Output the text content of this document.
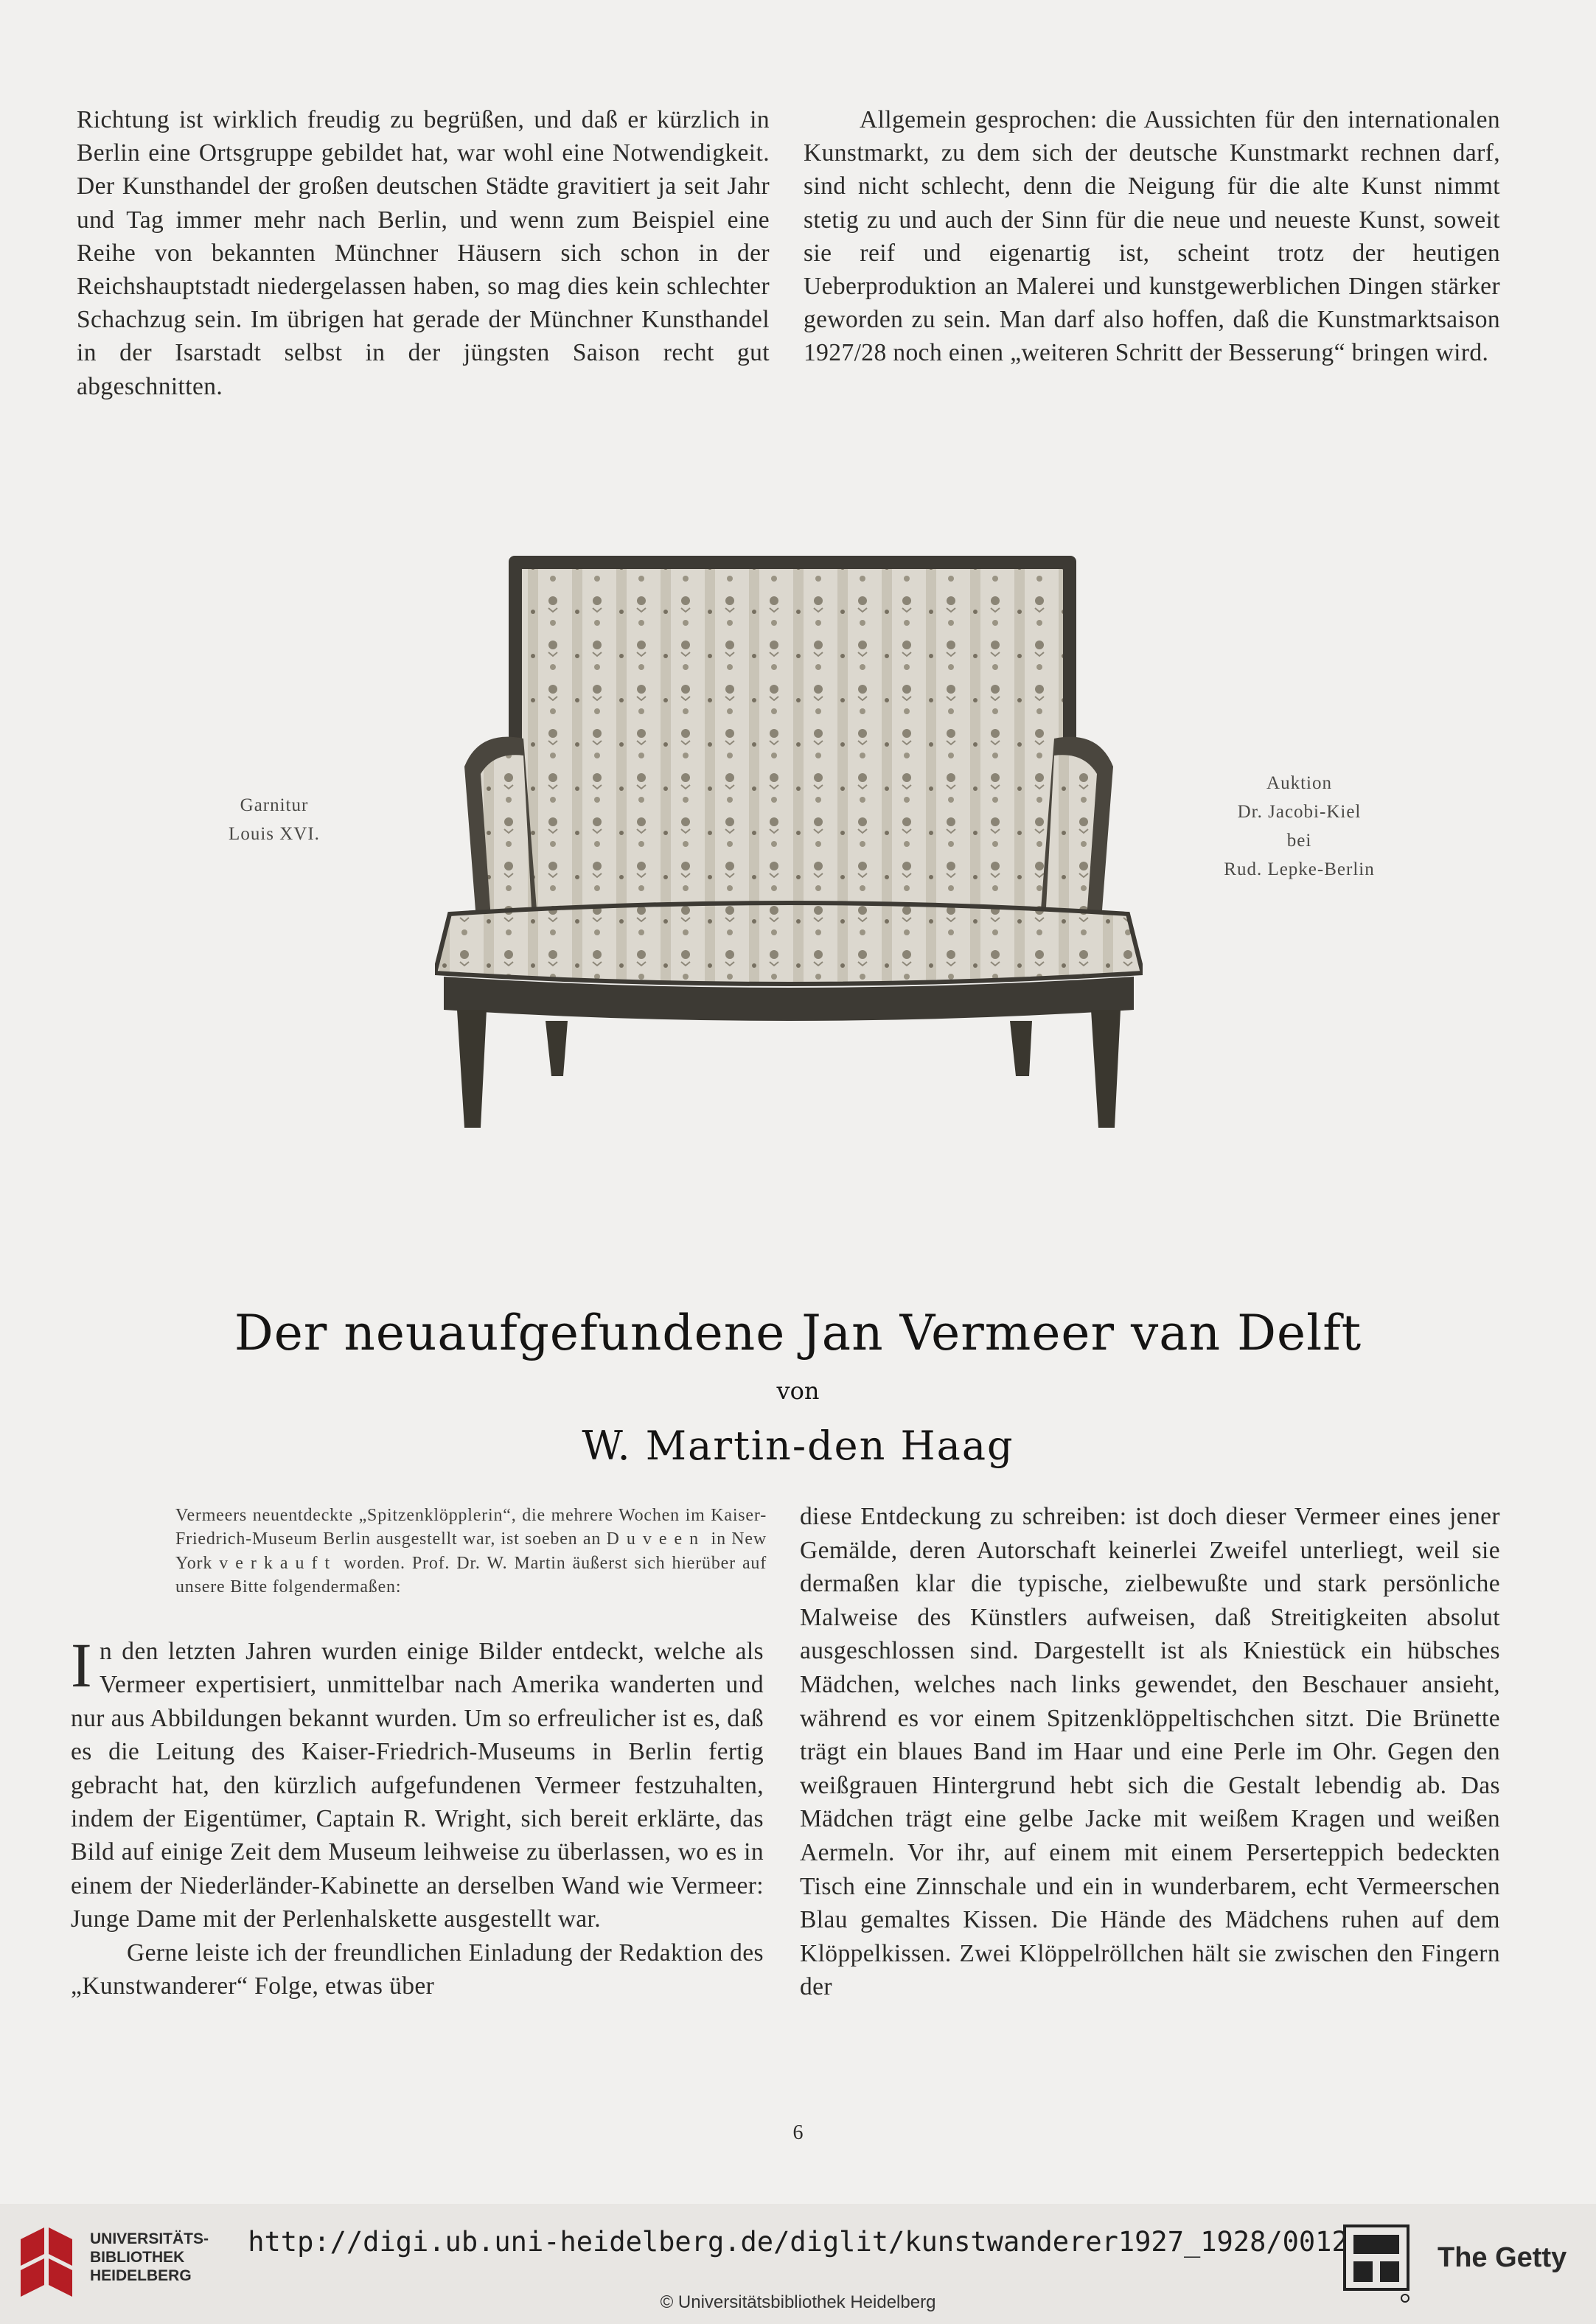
Richtung ist wirklich freudig zu begrüßen, und daß er kürzlich in Berlin eine Ortsgruppe gebildet hat, war wohl eine Notwendigkeit. Der Kunsthandel der großen deutschen Städte gravitiert ja seit Jahr und Tag immer mehr nach Berlin, und wenn zum Beispiel eine Reihe von bekannten Münchner Häusern sich schon in der Reichshauptstadt niedergelassen haben, so mag dies kein schlechter Schachzug sein. Im übrigen hat gerade der Münchner Kunsthandel in der Isarstadt selbst in der jüngsten Saison recht gut abgeschnitten.

Allgemein gesprochen: die Aussichten für den internationalen Kunstmarkt, zu dem sich der deutsche Kunstmarkt rechnen darf, sind nicht schlecht, denn die Neigung für die alte Kunst nimmt stetig zu und auch der Sinn für die neue und neueste Kunst, soweit sie reif und eigenartig ist, scheint trotz der heutigen Ueberproduktion an Malerei und kunstgewerblichen Dingen stärker geworden zu sein. Man darf also hoffen, daß die Kunstmarktsaison 1927/28 noch einen „weiteren Schritt der Besserung“ bringen wird.

Garnitur
Louis XVI.
Auktion
Dr. Jacobi-Kiel
bei
Rud. Lepke-Berlin
Der neuaufgefundene Jan Vermeer van Delft
von
W. Martin-den Haag
Vermeers neuentdeckte „Spitzenklöpplerin“, die mehrere Wochen im Kaiser-Friedrich-Museum Berlin ausgestellt war, ist soeben an Duveen in New York verkauft worden. Prof. Dr. W. Martin äußerst sich hierüber auf unsere Bitte folgendermaßen:

In den letzten Jahren wurden einige Bilder entdeckt, welche als Vermeer expertisiert, unmittelbar nach Amerika wanderten und nur aus Abbildungen bekannt wurden. Um so erfreulicher ist es, daß es die Leitung des Kaiser-Friedrich-Museums in Berlin fertig gebracht hat, den kürzlich aufgefundenen Vermeer festzuhalten, indem der Eigentümer, Captain R. Wright, sich bereit erklärte, das Bild auf einige Zeit dem Museum leihweise zu überlassen, wo es in einem der Niederländer-Kabinette an derselben Wand wie Vermeer: Junge Dame mit der Perlenhalskette ausgestellt war.

Gerne leiste ich der freundlichen Einladung der Redaktion des „Kunstwanderer“ Folge, etwas über

diese Entdeckung zu schreiben: ist doch dieser Vermeer eines jener Gemälde, deren Autorschaft keinerlei Zweifel unterliegt, weil sie dermaßen klar die typische, zielbewußte und stark persönliche Malweise des Künstlers aufweisen, daß Streitigkeiten absolut ausgeschlossen sind. Dargestellt ist als Kniestück ein hübsches Mädchen, welches nach links gewendet, den Beschauer ansieht, während es vor einem Spitzenklöppeltischchen sitzt. Die Brünette trägt ein blaues Band im Haar und eine Perle im Ohr. Gegen den weißgrauen Hintergrund hebt sich die Gestalt lebendig ab. Das Mädchen trägt eine gelbe Jacke mit weißem Kragen und weißen Aermeln. Vor ihr, auf einem mit einem Perserteppich bedeckten Tisch eine Zinnschale und ein in wunderbarem, echt Vermeerschen Blau gemaltes Kissen. Die Hände des Mädchens ruhen auf dem Klöppelkissen. Zwei Klöppelröllchen hält sie zwischen den Fingern der

6
UNIVERSITÄTS-
BIBLIOTHEK
HEIDELBERG
http://digi.ub.uni-heidelberg.de/diglit/kunstwanderer1927_1928/0012
© Universitätsbibliothek Heidelberg
The Getty
